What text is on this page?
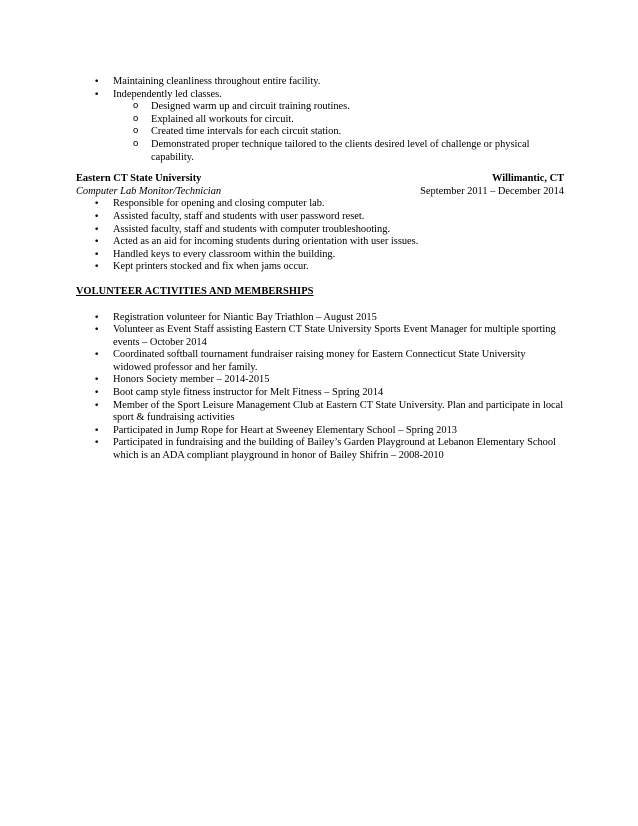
• Maintaining cleanliness throughout entire facility.
• Independently led classes.
o Designed warm up and circuit training routines.
o Explained all workouts for circuit.
o Created time intervals for each circuit station.
o Demonstrated proper technique tailored to the clients desired level of challenge or physical capability.
Eastern CT State University	Willimantic, CT
Computer Lab Monitor/Technician	September 2011 – December 2014
• Responsible for opening and closing computer lab.
• Assisted faculty, staff and students with user password reset.
• Assisted faculty, staff and students with computer troubleshooting.
• Acted as an aid for incoming students during orientation with user issues.
• Handled keys to every classroom within the building.
• Kept printers stocked and fix when jams occur.
VOLUNTEER ACTIVITIES AND MEMBERSHIPS
• Registration volunteer for Niantic Bay Triathlon – August 2015
• Volunteer as Event Staff assisting Eastern CT State University Sports Event Manager for multiple sporting events – October 2014
• Coordinated softball tournament fundraiser raising money for Eastern Connecticut State University widowed professor and her family.
• Honors Society member – 2014-2015
• Boot camp style fitness instructor for Melt Fitness – Spring 2014
• Member of the Sport Leisure Management Club at Eastern CT State University. Plan and participate in local sport & fundraising activities
• Participated in Jump Rope for Heart at Sweeney Elementary School – Spring 2013
• Participated in fundraising and the building of Bailey’s Garden Playground at Lebanon Elementary School which is an ADA compliant playground in honor of Bailey Shifrin – 2008-2010
